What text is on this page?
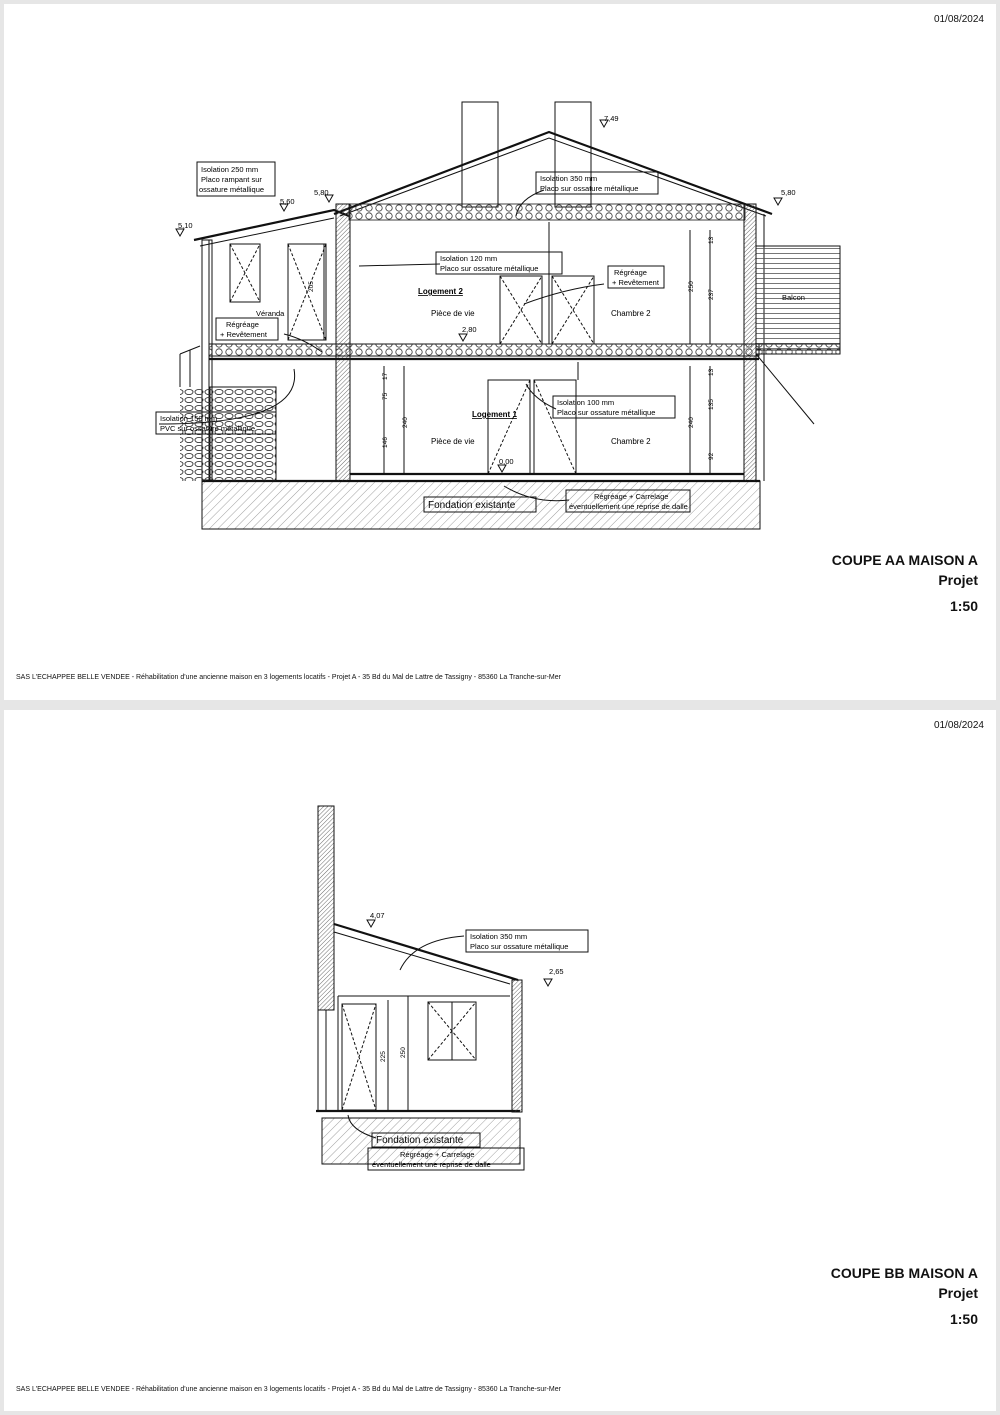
01/08/2024
Isolation 250 mm
Placo rampant sur
ossature métallique
Isolation 350 mm
Placo sur ossature métallique
Isolation 120 mm
Placo sur ossature métallique	Régréage
+ Revêtement
Régréage
+ Revêtement
Isolation 100 mm
Placo sur ossature métallique
Isolation 150 mm
PVC sur ossature métallique
Fondation existante
Régréage + Carrelage
éventuellement une reprise de dalle
7,49
5,80
5,60
5,10
5,80
2,80
0,00
Logement 2
Pièce de vie	Chambre 2
Logement 1
Pièce de vie	Chambre 2
Véranda
Balcon
13
250
237
205
13
135
240
240
92
75
17
146
COUPE AA MAISON A
Projet
1:50
SAS L'ECHAPPEE BELLE VENDEE - Réhabilitation d'une ancienne maison en 3 logements locatifs - Projet A - 35 Bd du Mal de Lattre de Tassigny - 85360 La Tranche-sur-Mer
01/08/2024
Isolation 350 mm
Placo sur ossature métallique
Fondation existante
Régréage + Carrelage
éventuellement une reprise de dalle
4,07
2,65
225 250
COUPE BB MAISON A
Projet
1:50
SAS L'ECHAPPEE BELLE VENDEE - Réhabilitation d'une ancienne maison en 3 logements locatifs - Projet A - 35 Bd du Mal de Lattre de Tassigny - 85360 La Tranche-sur-Mer
